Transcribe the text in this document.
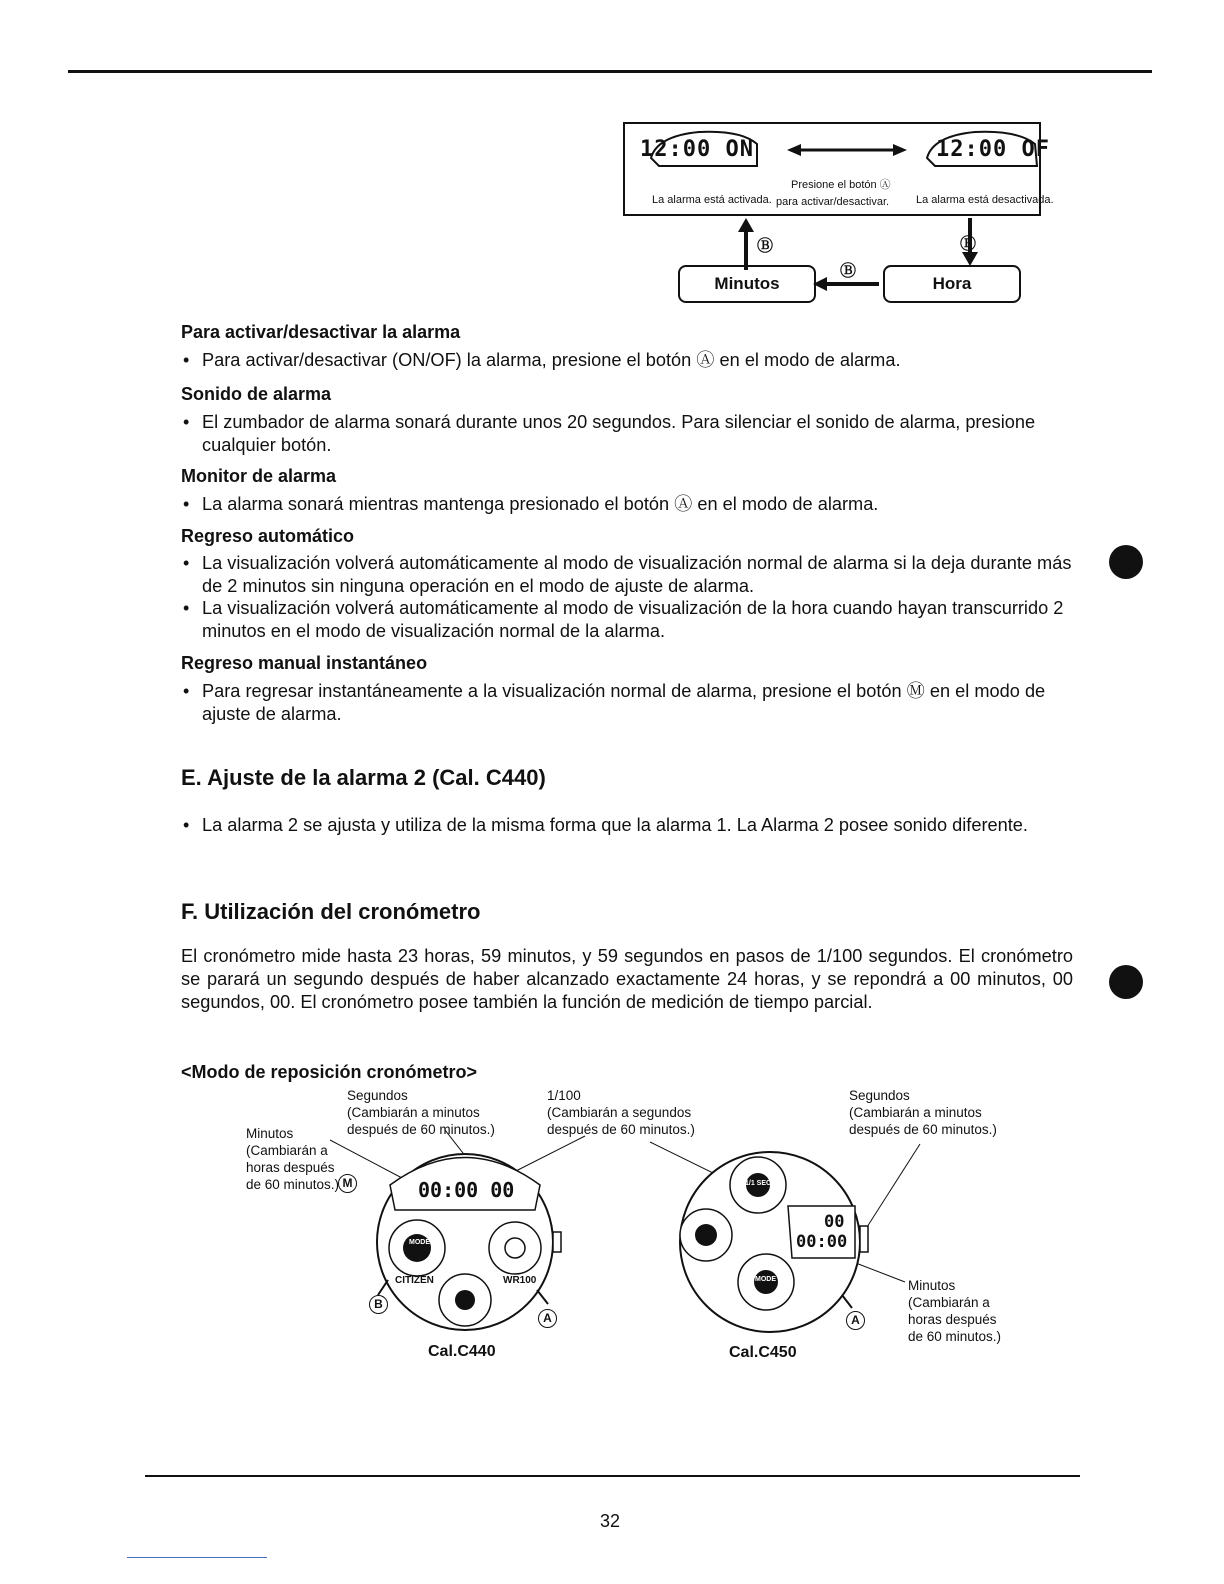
12:00 ON	12:00 OF
La alarma está activada.
Presione el botón Ⓐ
para activar/desactivar. La alarma está desactivada.
Ⓑ
Ⓑ
Ⓑ
Minutos	Hora
Para activar/desactivar la alarma
• Para activar/desactivar (ON/OF) la alarma, presione el botón Ⓐ en el modo de alarma.
Sonido de alarma
• El zumbador de alarma sonará durante unos 20 segundos. Para silenciar el sonido de alarma, presione cualquier botón.
Monitor de alarma
• La alarma sonará mientras mantenga presionado el botón Ⓐ en el modo de alarma.
Regreso automático
• La visualización volverá automáticamente al modo de visualización normal de alarma si la deja durante más de 2 minutos sin ninguna operación en el modo de ajuste de alarma.
• La visualización volverá automáticamente al modo de visualización de la hora cuando hayan transcurrido 2 minutos en el modo de visualización normal de la alarma.
Regreso manual instantáneo
• Para regresar instantáneamente a la visualización normal de alarma, presione el botón Ⓜ en el modo de ajuste de alarma.
E. Ajuste de la alarma 2 (Cal. C440)
• La alarma 2 se ajusta y utiliza de la misma forma que la alarma 1. La Alarma 2 posee sonido diferente.
F. Utilización del cronómetro
El cronómetro mide hasta 23 horas, 59 minutos, y 59 segundos en pasos de 1/100 segundos. El cronómetro se parará un segundo después de haber alcanzado exactamente 24 horas, y se repondrá a 00 minutos, 00 segundos, 00. El cronómetro posee también la función de medición de tiempo parcial.
<Modo de reposición cronómetro>
Segundos
(Cambiarán a minutos
después de 60 minutos.)
1/100
(Cambiarán a segundos
después de 60 minutos.)
Segundos
(Cambiarán a minutos
después de 60 minutos.)
Minutos
(Cambiarán a
horas después
de 60 minutos.)
Minutos
(Cambiarán a
horas después
de 60 minutos.)
00:00 00
00
00:00
MODE
MODE
1/1 SEC
CITIZEN	WR100
M
B
A	A
Cal.C440	Cal.C450
32
